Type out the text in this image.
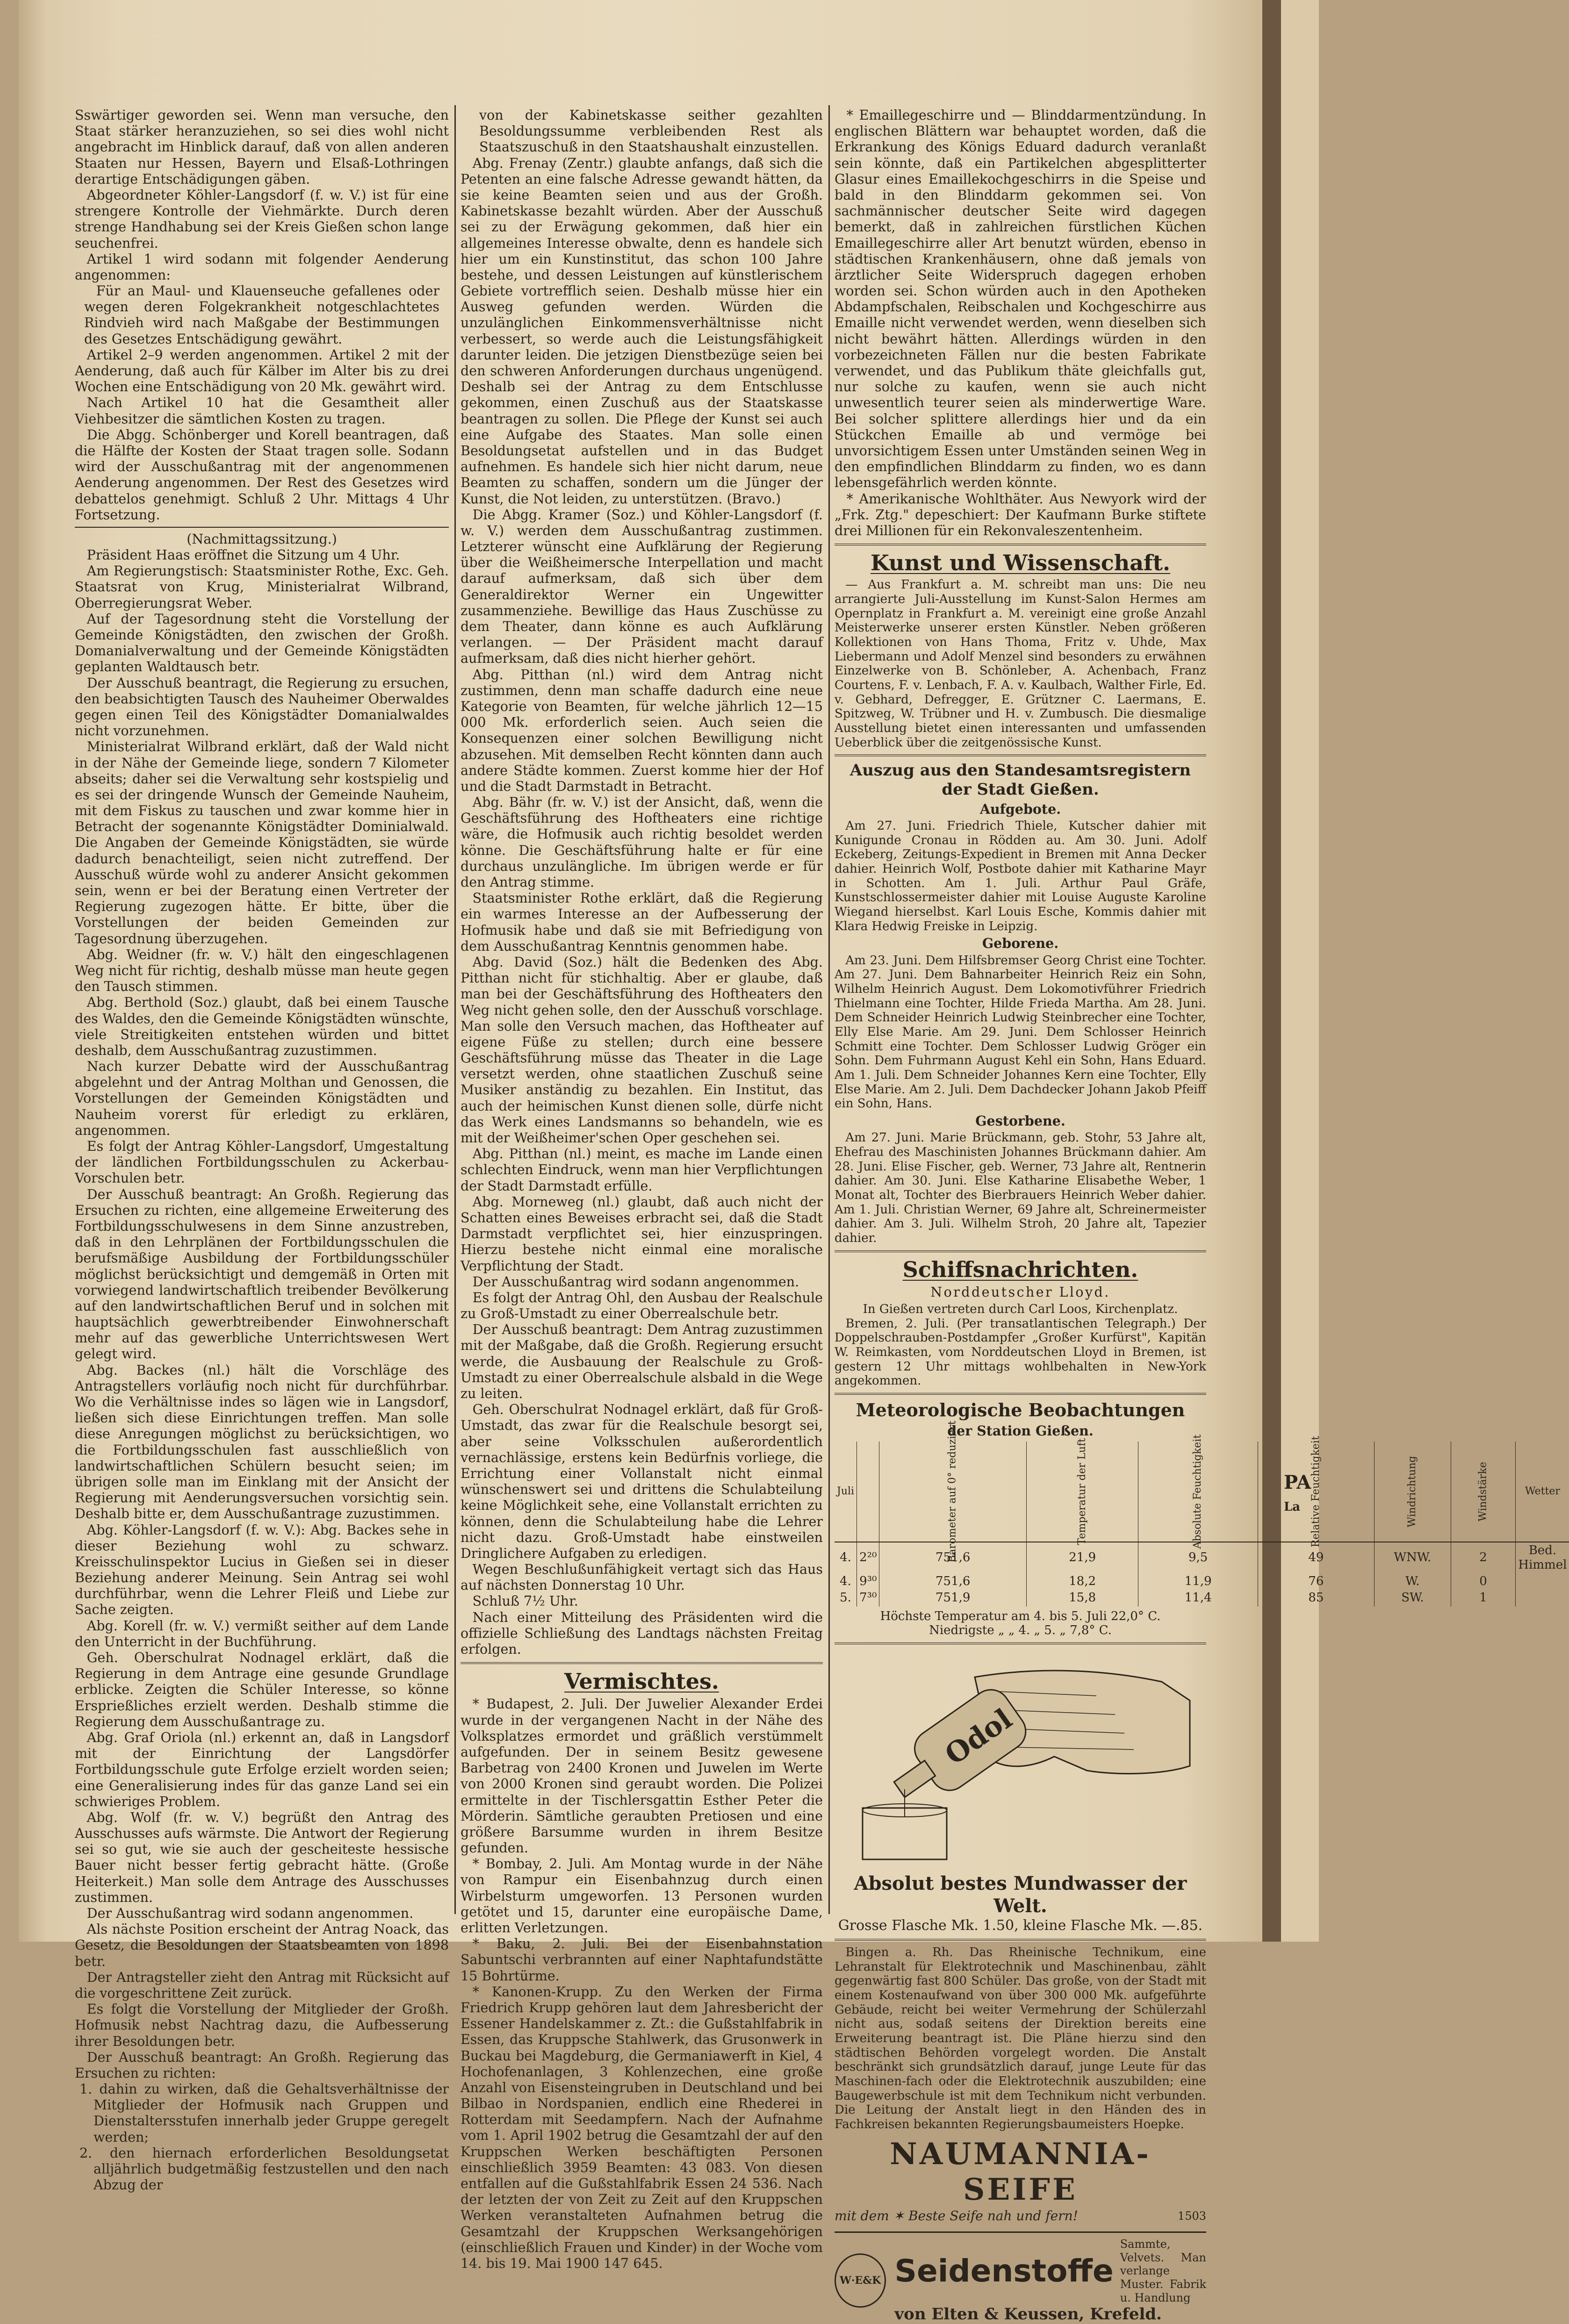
PA
La

Sswärtiger geworden sei. Wenn man versuche, den Staat stärker heranzuziehen, so sei dies wohl nicht angebracht im Hinblick darauf, daß von allen anderen Staaten nur Hessen, Bayern und Elsaß-Lothringen derartige Entschädigungen gäben.

Abgeordneter Köhler-Langsdorf (f. w. V.) ist für eine strengere Kontrolle der Viehmärkte. Durch deren strenge Handhabung sei der Kreis Gießen schon lange seuchenfrei.

Artikel 1 wird sodann mit folgender Aenderung angenommen:

Für an Maul- und Klauenseuche gefallenes oder wegen deren Folgekrankheit notgeschlachtetes Rindvieh wird nach Maßgabe der Bestimmungen des Gesetzes Entschädigung gewährt.

Artikel 2–9 werden angenommen. Artikel 2 mit der Aenderung, daß auch für Kälber im Alter bis zu drei Wochen eine Entschädigung von 20 Mk. gewährt wird.

Nach Artikel 10 hat die Gesamtheit aller Viehbesitzer die sämtlichen Kosten zu tragen.

Die Abgg. Schönberger und Korell beantragen, daß die Hälfte der Kosten der Staat tragen solle. Sodann wird der Ausschußantrag mit der angenommenen Aenderung angenommen. Der Rest des Gesetzes wird debattelos genehmigt. Schluß 2 Uhr. Mittags 4 Uhr Fortsetzung.

(Nachmittagssitzung.)

Präsident Haas eröffnet die Sitzung um 4 Uhr.

Am Regierungstisch: Staatsminister Rothe, Exc. Geh. Staatsrat von Krug, Ministerialrat Wilbrand, Oberregierungsrat Weber.

Auf der Tagesordnung steht die Vorstellung der Gemeinde Königstädten, den zwischen der Großh. Domanialverwaltung und der Gemeinde Königstädten geplanten Waldtausch betr.

Der Ausschuß beantragt, die Regierung zu ersuchen, den beabsichtigten Tausch des Nauheimer Oberwaldes gegen einen Teil des Königstädter Domanialwaldes nicht vorzunehmen.

Ministerialrat Wilbrand erklärt, daß der Wald nicht in der Nähe der Gemeinde liege, sondern 7 Kilometer abseits; daher sei die Verwaltung sehr kostspielig und es sei der dringende Wunsch der Gemeinde Nauheim, mit dem Fiskus zu tauschen und zwar komme hier in Betracht der sogenannte Königstädter Dominialwald. Die Angaben der Gemeinde Königstädten, sie würde dadurch benachteiligt, seien nicht zutreffend. Der Ausschuß würde wohl zu anderer Ansicht gekommen sein, wenn er bei der Beratung einen Vertreter der Regierung zugezogen hätte. Er bitte, über die Vorstellungen der beiden Gemeinden zur Tagesordnung überzugehen.

Abg. Weidner (fr. w. V.) hält den eingeschlagenen Weg nicht für richtig, deshalb müsse man heute gegen den Tausch stimmen.

Abg. Berthold (Soz.) glaubt, daß bei einem Tausche des Waldes, den die Gemeinde Königstädten wünschte, viele Streitigkeiten entstehen würden und bittet deshalb, dem Ausschußantrag zuzustimmen.

Nach kurzer Debatte wird der Ausschußantrag abgelehnt und der Antrag Molthan und Genossen, die Vorstellungen der Gemeinden Königstädten und Nauheim vorerst für erledigt zu erklären, angenommen.

Es folgt der Antrag Köhler-Langsdorf, Umgestaltung der ländlichen Fortbildungsschulen zu Ackerbau-Vorschulen betr.

Der Ausschuß beantragt: An Großh. Regierung das Ersuchen zu richten, eine allgemeine Erweiterung des Fortbildungsschulwesens in dem Sinne anzustreben, daß in den Lehrplänen der Fortbildungsschulen die berufsmäßige Ausbildung der Fortbildungsschüler möglichst berücksichtigt und demgemäß in Orten mit vorwiegend landwirtschaftlich treibender Bevölkerung auf den landwirtschaftlichen Beruf und in solchen mit hauptsächlich gewerbtreibender Einwohnerschaft mehr auf das gewerbliche Unterrichtswesen Wert gelegt wird.

Abg. Backes (nl.) hält die Vorschläge des Antragstellers vorläufig noch nicht für durchführbar. Wo die Verhältnisse indes so lägen wie in Langsdorf, ließen sich diese Einrichtungen treffen. Man solle diese Anregungen möglichst zu berücksichtigen, wo die Fortbildungsschulen fast ausschließlich von landwirtschaftlichen Schülern besucht seien; im übrigen solle man im Einklang mit der Ansicht der Regierung mit Aenderungsversuchen vorsichtig sein. Deshalb bitte er, dem Ausschußantrage zuzustimmen.

Abg. Köhler-Langsdorf (f. w. V.): Abg. Backes sehe in dieser Beziehung wohl zu schwarz. Kreisschulinspektor Lucius in Gießen sei in dieser Beziehung anderer Meinung. Sein Antrag sei wohl durchführbar, wenn die Lehrer Fleiß und Liebe zur Sache zeigten.

Abg. Korell (fr. w. V.) vermißt seither auf dem Lande den Unterricht in der Buchführung.

Geh. Oberschulrat Nodnagel erklärt, daß die Regierung in dem Antrage eine gesunde Grundlage erblicke. Zeigten die Schüler Interesse, so könne Ersprießliches erzielt werden. Deshalb stimme die Regierung dem Ausschußantrage zu.

Abg. Graf Oriola (nl.) erkennt an, daß in Langsdorf mit der Einrichtung der Langsdörfer Fortbildungsschule gute Erfolge erzielt worden seien; eine Generalisierung indes für das ganze Land sei ein schwieriges Problem.

Abg. Wolf (fr. w. V.) begrüßt den Antrag des Ausschusses aufs wärmste. Die Antwort der Regierung sei so gut, wie sie auch der gescheiteste hessische Bauer nicht besser fertig gebracht hätte. (Große Heiterkeit.) Man solle dem Antrage des Ausschusses zustimmen.

Der Ausschußantrag wird sodann angenommen.

Als nächste Position erscheint der Antrag Noack, das Gesetz, die Besoldungen der Staatsbeamten von 1898 betr.

Der Antragsteller zieht den Antrag mit Rücksicht auf die vorgeschrittene Zeit zurück.

Es folgt die Vorstellung der Mitglieder der Großh. Hofmusik nebst Nachtrag dazu, die Aufbesserung ihrer Besoldungen betr.

Der Ausschuß beantragt: An Großh. Regierung das Ersuchen zu richten:

1. dahin zu wirken, daß die Gehaltsverhältnisse der Mitglieder der Hofmusik nach Gruppen und Dienstaltersstufen innerhalb jeder Gruppe geregelt werden;

2. den hiernach erforderlichen Besoldungsetat alljährlich budgetmäßig festzustellen und den nach Abzug der

von der Kabinetskasse seither gezahlten Besoldungssumme verbleibenden Rest als Staatszuschuß in den Staatshaushalt einzustellen.

Abg. Frenay (Zentr.) glaubte anfangs, daß sich die Petenten an eine falsche Adresse gewandt hätten, da sie keine Beamten seien und aus der Großh. Kabinetskasse bezahlt würden. Aber der Ausschuß sei zu der Erwägung gekommen, daß hier ein allgemeines Interesse obwalte, denn es handele sich hier um ein Kunstinstitut, das schon 100 Jahre bestehe, und dessen Leistungen auf künstlerischem Gebiete vortrefflich seien. Deshalb müsse hier ein Ausweg gefunden werden. Würden die unzulänglichen Einkommensverhältnisse nicht verbessert, so werde auch die Leistungsfähigkeit darunter leiden. Die jetzigen Dienstbezüge seien bei den schweren Anforderungen durchaus ungenügend. Deshalb sei der Antrag zu dem Entschlusse gekommen, einen Zuschuß aus der Staatskasse beantragen zu sollen. Die Pflege der Kunst sei auch eine Aufgabe des Staates. Man solle einen Besoldungsetat aufstellen und in das Budget aufnehmen. Es handele sich hier nicht darum, neue Beamten zu schaffen, sondern um die Jünger der Kunst, die Not leiden, zu unterstützen. (Bravo.)

Die Abgg. Kramer (Soz.) und Köhler-Langsdorf (f. w. V.) werden dem Ausschußantrag zustimmen. Letzterer wünscht eine Aufklärung der Regierung über die Weißheimersche Interpellation und macht darauf aufmerksam, daß sich über dem Generaldirektor Werner ein Ungewitter zusammenziehe. Bewillige das Haus Zuschüsse zu dem Theater, dann könne es auch Aufklärung verlangen. — Der Präsident macht darauf aufmerksam, daß dies nicht hierher gehört.

Abg. Pitthan (nl.) wird dem Antrag nicht zustimmen, denn man schaffe dadurch eine neue Kategorie von Beamten, für welche jährlich 12—15 000 Mk. erforderlich seien. Auch seien die Konsequenzen einer solchen Bewilligung nicht abzusehen. Mit demselben Recht könnten dann auch andere Städte kommen. Zuerst komme hier der Hof und die Stadt Darmstadt in Betracht.

Abg. Bähr (fr. w. V.) ist der Ansicht, daß, wenn die Geschäftsführung des Hoftheaters eine richtige wäre, die Hofmusik auch richtig besoldet werden könne. Die Geschäftsführung halte er für eine durchaus unzulängliche. Im übrigen werde er für den Antrag stimme.

Staatsminister Rothe erklärt, daß die Regierung ein warmes Interesse an der Aufbesserung der Hofmusik habe und daß sie mit Befriedigung von dem Ausschußantrag Kenntnis genommen habe.

Abg. David (Soz.) hält die Bedenken des Abg. Pitthan nicht für stichhaltig. Aber er glaube, daß man bei der Geschäftsführung des Hoftheaters den Weg nicht gehen solle, den der Ausschuß vorschlage. Man solle den Versuch machen, das Hoftheater auf eigene Füße zu stellen; durch eine bessere Geschäftsführung müsse das Theater in die Lage versetzt werden, ohne staatlichen Zuschuß seine Musiker anständig zu bezahlen. Ein Institut, das auch der heimischen Kunst dienen solle, dürfe nicht das Werk eines Landsmanns so behandeln, wie es mit der Weißheimer'schen Oper geschehen sei.

Abg. Pitthan (nl.) meint, es mache im Lande einen schlechten Eindruck, wenn man hier Verpflichtungen der Stadt Darmstadt erfülle.

Abg. Morneweg (nl.) glaubt, daß auch nicht der Schatten eines Beweises erbracht sei, daß die Stadt Darmstadt verpflichtet sei, hier einzuspringen. Hierzu bestehe nicht einmal eine moralische Verpflichtung der Stadt.

Der Ausschußantrag wird sodann angenommen.

Es folgt der Antrag Ohl, den Ausbau der Realschule zu Groß-Umstadt zu einer Oberrealschule betr.

Der Ausschuß beantragt: Dem Antrag zuzustimmen mit der Maßgabe, daß die Großh. Regierung ersucht werde, die Ausbauung der Realschule zu Groß-Umstadt zu einer Oberrealschule alsbald in die Wege zu leiten.

Geh. Oberschulrat Nodnagel erklärt, daß für Groß-Umstadt, das zwar für die Realschule besorgt sei, aber seine Volksschulen außerordentlich vernachlässige, erstens kein Bedürfnis vorliege, die Errichtung einer Vollanstalt nicht einmal wünschenswert sei und drittens die Schulabteilung keine Möglichkeit sehe, eine Vollanstalt errichten zu können, denn die Schulabteilung habe die Lehrer nicht dazu. Groß-Umstadt habe einstweilen Dringlichere Aufgaben zu erledigen.

Wegen Beschlußunfähigkeit vertagt sich das Haus auf nächsten Donnerstag 10 Uhr.

Schluß 7½ Uhr.

Nach einer Mitteilung des Präsidenten wird die offizielle Schließung des Landtags nächsten Freitag erfolgen.

Vermischtes.

* Budapest, 2. Juli. Der Juwelier Alexander Erdei wurde in der vergangenen Nacht in der Nähe des Volksplatzes ermordet und gräßlich verstümmelt aufgefunden. Der in seinem Besitz gewesene Barbetrag von 2400 Kronen und Juwelen im Werte von 2000 Kronen sind geraubt worden. Die Polizei ermittelte in der Tischlersgattin Esther Peter die Mörderin. Sämtliche geraubten Pretiosen und eine größere Barsumme wurden in ihrem Besitze gefunden.

* Bombay, 2. Juli. Am Montag wurde in der Nähe von Rampur ein Eisenbahnzug durch einen Wirbelsturm umgeworfen. 13 Personen wurden getötet und 15, darunter eine europäische Dame, erlitten Verletzungen.

* Baku, 2. Juli. Bei der Eisenbahnstation Sabuntschi verbrannten auf einer Naphtafundstätte 15 Bohrtürme.

* Kanonen-Krupp. Zu den Werken der Firma Friedrich Krupp gehören laut dem Jahresbericht der Essener Handelskammer z. Zt.: die Gußstahlfabrik in Essen, das Kruppsche Stahlwerk, das Grusonwerk in Buckau bei Magdeburg, die Germaniawerft in Kiel, 4 Hochofenanlagen, 3 Kohlenzechen, eine große Anzahl von Eisensteingruben in Deutschland und bei Bilbao in Nordspanien, endlich eine Rhederei in Rotterdam mit Seedampfern. Nach der Aufnahme vom 1. April 1902 betrug die Gesamtzahl der auf den Kruppschen Werken beschäftigten Personen einschließlich 3959 Beamten: 43 083. Von diesen entfallen auf die Gußstahlfabrik Essen 24 536. Nach der letzten der von Zeit zu Zeit auf den Kruppschen Werken veranstalteten Aufnahmen betrug die Gesamtzahl der Kruppschen Werksangehörigen (einschließlich Frauen und Kinder) in der Woche vom 14. bis 19. Mai 1900 147 645.

* Emaillegeschirre und — Blinddarmentzündung. In englischen Blättern war behauptet worden, daß die Erkrankung des Königs Eduard dadurch veranlaßt sein könnte, daß ein Partikelchen abgesplitterter Glasur eines Emaillekochgeschirrs in die Speise und bald in den Blinddarm gekommen sei. Von sachmännischer deutscher Seite wird dagegen bemerkt, daß in zahlreichen fürstlichen Küchen Emaillegeschirre aller Art benutzt würden, ebenso in städtischen Krankenhäusern, ohne daß jemals von ärztlicher Seite Widerspruch dagegen erhoben worden sei. Schon würden auch in den Apotheken Abdampfschalen, Reibschalen und Kochgeschirre aus Emaille nicht verwendet werden, wenn dieselben sich nicht bewährt hätten. Allerdings würden in den vorbezeichneten Fällen nur die besten Fabrikate verwendet, und das Publikum thäte gleichfalls gut, nur solche zu kaufen, wenn sie auch nicht unwesentlich teurer seien als minderwertige Ware. Bei solcher splittere allerdings hier und da ein Stückchen Emaille ab und vermöge bei unvorsichtigem Essen unter Umständen seinen Weg in den empfindlichen Blinddarm zu finden, wo es dann lebensgefährlich werden könnte.

* Amerikanische Wohlthäter. Aus Newyork wird der „Frk. Ztg." depeschiert: Der Kaufmann Burke stiftete drei Millionen für ein Rekonvaleszentenheim.

Kunst und Wissenschaft.

— Aus Frankfurt a. M. schreibt man uns: Die neu arrangierte Juli-Ausstellung im Kunst-Salon Hermes am Opernplatz in Frankfurt a. M. vereinigt eine große Anzahl Meisterwerke unserer ersten Künstler. Neben größeren Kollektionen von Hans Thoma, Fritz v. Uhde, Max Liebermann und Adolf Menzel sind besonders zu erwähnen Einzelwerke von B. Schönleber, A. Achenbach, Franz Courtens, F. v. Lenbach, F. A. v. Kaulbach, Walther Firle, Ed. v. Gebhard, Defregger, E. Grützner C. Laermans, E. Spitzweg, W. Trübner und H. v. Zumbusch. Die diesmalige Ausstellung bietet einen interessanten und umfassenden Ueberblick über die zeitgenössische Kunst.

Auszug aus den Standesamtsregistern der Stadt Gießen.
Aufgebote.

Am 27. Juni. Friedrich Thiele, Kutscher dahier mit Kunigunde Cronau in Rödden au. Am 30. Juni. Adolf Eckeberg, Zeitungs-Expedient in Bremen mit Anna Decker dahier. Heinrich Wolf, Postbote dahier mit Katharine Mayr in Schotten. Am 1. Juli. Arthur Paul Gräfe, Kunstschlossermeister dahier mit Louise Auguste Karoline Wiegand hierselbst. Karl Louis Esche, Kommis dahier mit Klara Hedwig Freiske in Leipzig.

Geborene.

Am 23. Juni. Dem Hilfsbremser Georg Christ eine Tochter. Am 27. Juni. Dem Bahnarbeiter Heinrich Reiz ein Sohn, Wilhelm Heinrich August. Dem Lokomotivführer Friedrich Thielmann eine Tochter, Hilde Frieda Martha. Am 28. Juni. Dem Schneider Heinrich Ludwig Steinbrecher eine Tochter, Elly Else Marie. Am 29. Juni. Dem Schlosser Heinrich Schmitt eine Tochter. Dem Schlosser Ludwig Gröger ein Sohn. Dem Fuhrmann August Kehl ein Sohn, Hans Eduard. Am 1. Juli. Dem Schneider Johannes Kern eine Tochter, Elly Else Marie. Am 2. Juli. Dem Dachdecker Johann Jakob Pfeiff ein Sohn, Hans.

Gestorbene.

Am 27. Juni. Marie Brückmann, geb. Stohr, 53 Jahre alt, Ehefrau des Maschinisten Johannes Brückmann dahier. Am 28. Juni. Elise Fischer, geb. Werner, 73 Jahre alt, Rentnerin dahier. Am 30. Juni. Else Katharine Elisabethe Weber, 1 Monat alt, Tochter des Bierbrauers Heinrich Weber dahier. Am 1. Juli. Christian Werner, 69 Jahre alt, Schreinermeister dahier. Am 3. Juli. Wilhelm Stroh, 20 Jahre alt, Tapezier dahier.

Schiffsnachrichten.
Norddeutscher Lloyd.

In Gießen vertreten durch Carl Loos, Kirchenplatz.

Bremen, 2. Juli. (Per transatlantischen Telegraph.) Der Doppelschrauben-Postdampfer „Großer Kurfürst", Kapitän W. Reimkasten, vom Norddeutschen Lloyd in Bremen, ist gestern 12 Uhr mittags wohlbehalten in New-York angekommen.

Meteorologische Beobachtungen
der Station Gießen.
Juli		Barometer auf 0° reduziert	Temperatur der Luft	Absolute Feuchtigkeit	Relative Feuchtigkeit	Windrichtung	Windstärke	Wetter
4.	2²⁰	751,6	21,9	9,5	49	WNW.	2	Bed. Himmel
4.	9³⁰	751,6	18,2	11,9	76	W.	0	
5.	7³⁰	751,9	15,8	11,4	85	SW.	1	

Höchste Temperatur am 4. bis 5. Juli 22,0° C.

Niedrigste „ „ 4. „ 5. „ 7,8° C.

Odol
Absolut bestes Mundwasser der Welt.
Grosse Flasche Mk. 1.50, kleine Flasche Mk. —.85.

Bingen a. Rh. Das Rheinische Technikum, eine Lehranstalt für Elektrotechnik und Maschinenbau, zählt gegenwärtig fast 800 Schüler. Das große, von der Stadt mit einem Kostenaufwand von über 300 000 Mk. aufgeführte Gebäude, reicht bei weiter Vermehrung der Schülerzahl nicht aus, sodaß seitens der Direktion bereits eine Erweiterung beantragt ist. Die Pläne hierzu sind den städtischen Behörden vorgelegt worden. Die Anstalt beschränkt sich grundsätzlich darauf, junge Leute für das Maschinen-fach oder die Elektrotechnik auszubilden; eine Baugewerbschule ist mit dem Technikum nicht verbunden. Die Leitung der Anstalt liegt in den Händen des in Fachkreisen bekannten Regierungsbaumeisters Hoepke.

NAUMANNIA-SEIFE
mit dem ✶ Beste Seife nah und fern!	1503
W·E&K Seidenstoffe
Sammte, Velvets. Man verlange Muster. Fabrik u. Handlung
von Elten & Keussen, Krefeld.
